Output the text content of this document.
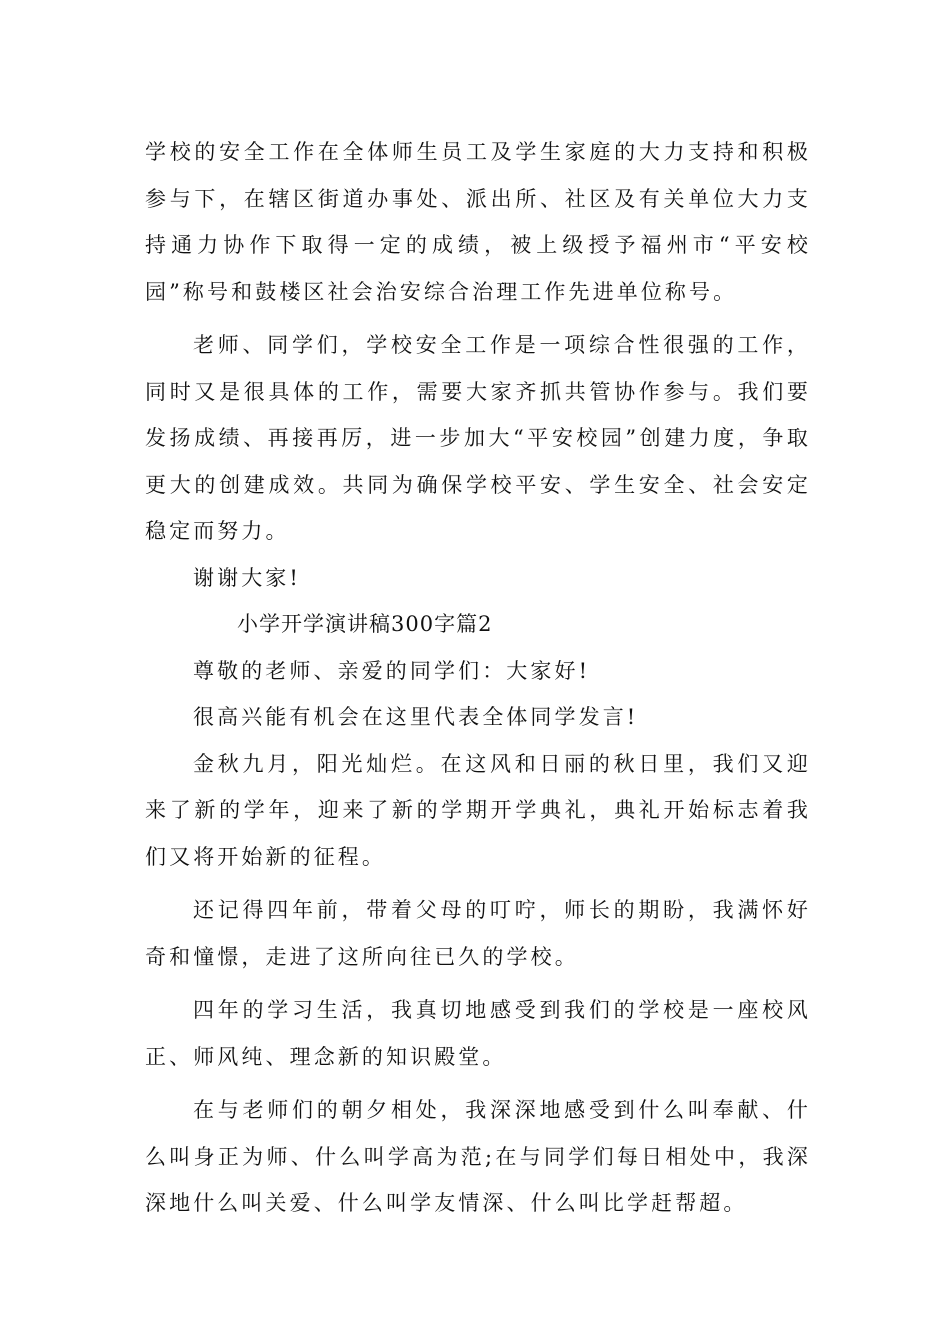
学校的安全工作在全体师生员工及学生家庭的大力支持和积极参与下，在辖区街道办事处、派出所、社区及有关单位大力支持通力协作下取得一定的成绩，被上级授予福州市“平安校园”称号和鼓楼区社会治安综合治理工作先进单位称号。

老师、同学们，学校安全工作是一项综合性很强的工作，同时又是很具体的工作，需要大家齐抓共管协作参与。我们要发扬成绩、再接再厉，进一步加大“平安校园”创建力度，争取更大的创建成效。共同为确保学校平安、学生安全、社会安定稳定而努力。

谢谢大家!

小学开学演讲稿300字篇2

尊敬的老师、亲爱的同学们：大家好!

很高兴能有机会在这里代表全体同学发言!

金秋九月，阳光灿烂。在这风和日丽的秋日里，我们又迎来了新的学年，迎来了新的学期开学典礼，典礼开始标志着我们又将开始新的征程。

还记得四年前，带着父母的叮咛，师长的期盼，我满怀好奇和憧憬，走进了这所向往已久的学校。

四年的学习生活，我真切地感受到我们的学校是一座校风正、师风纯、理念新的知识殿堂。

在与老师们的朝夕相处，我深深地感受到什么叫奉献、什么叫身正为师、什么叫学高为范;在与同学们每日相处中，我深深地什么叫关爱、什么叫学友情深、什么叫比学赶帮超。
